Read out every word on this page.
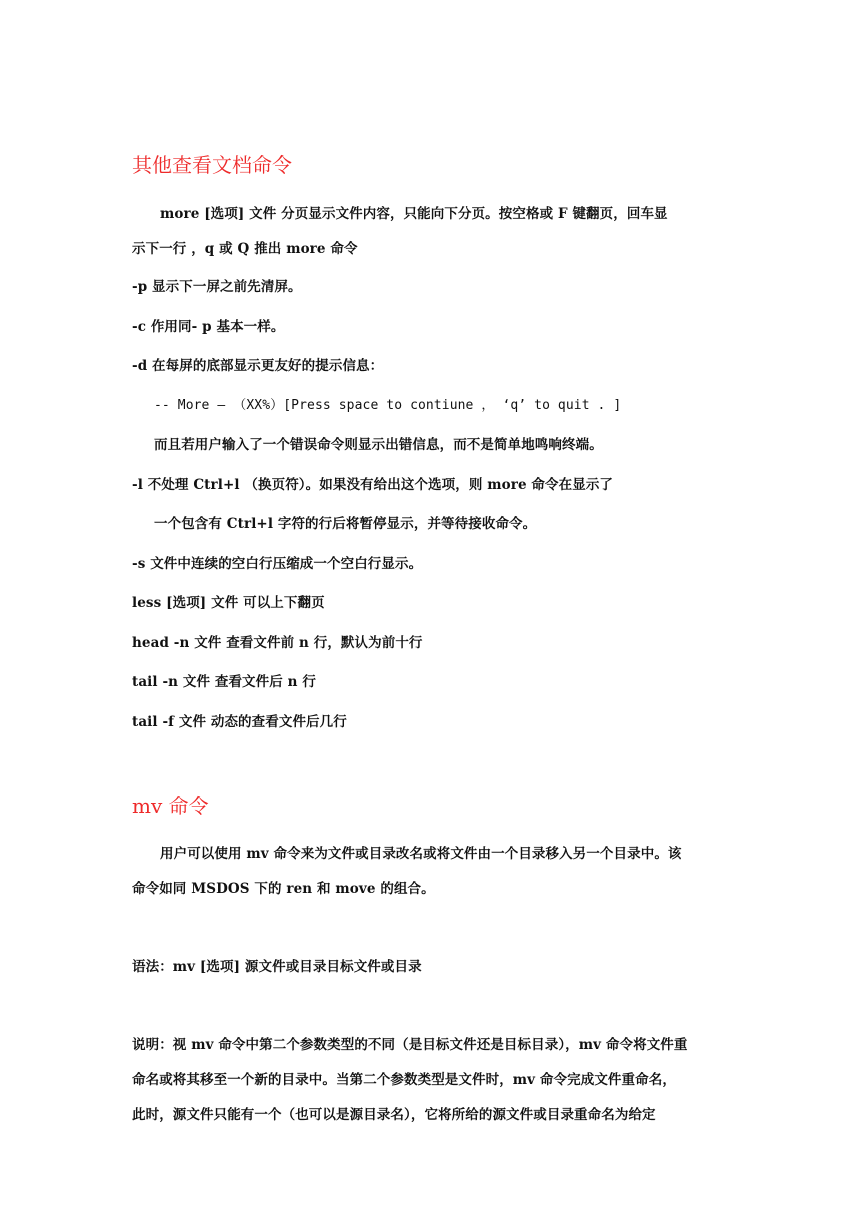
其他查看文档命令

more [选项] 文件 分页显示文件内容，只能向下分页。按空格或 F 键翻页，回车显

示下一行 ，q 或 Q 推出 more 命令

-p 显示下一屏之前先清屏。

-c 作用同- p 基本一样。

-d 在每屏的底部显示更友好的提示信息：

-- More — （XX%）[Press space to contiune ， ‘q’ to quit . ]

而且若用户输入了一个错误命令则显示出错信息，而不是简单地鸣响终端。

-l 不处理 Ctrl+l （换页符）。如果没有给出这个选项，则 more 命令在显示了

一个包含有 Ctrl+l 字符的行后将暂停显示，并等待接收命令。

-s 文件中连续的空白行压缩成一个空白行显示。

less [选项] 文件 可以上下翻页

head -n 文件 查看文件前 n 行，默认为前十行

tail -n 文件 查看文件后 n 行

tail -f 文件 动态的查看文件后几行

mv 命令

用户可以使用 mv 命令来为文件或目录改名或将文件由一个目录移入另一个目录中。该

命令如同 MSDOS 下的 ren 和 move 的组合。

语法：mv [选项] 源文件或目录目标文件或目录

说明：视 mv 命令中第二个参数类型的不同（是目标文件还是目标目录），mv 命令将文件重

命名或将其移至一个新的目录中。当第二个参数类型是文件时，mv 命令完成文件重命名，

此时，源文件只能有一个（也可以是源目录名），它将所给的源文件或目录重命名为给定
